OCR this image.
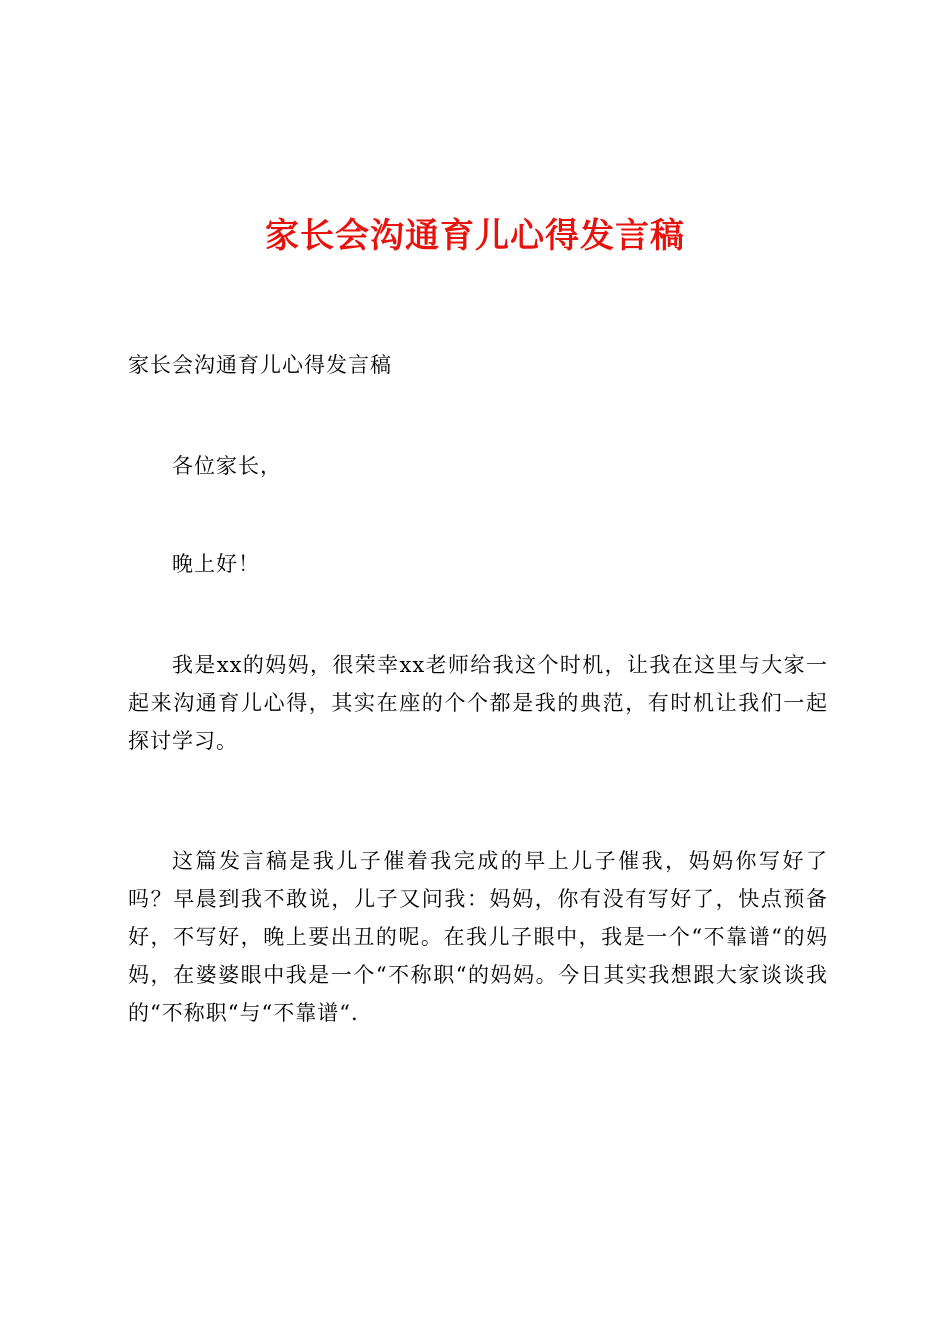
家长会沟通育儿心得发言稿

家长会沟通育儿心得发言稿

各位家长，

晚上好！

我是xx的妈妈，很荣幸xx老师给我这个时机，让我在这里与大家一起来沟通育儿心得，其实在座的个个都是我的典范，有时机让我们一起探讨学习。

这篇发言稿是我儿子催着我完成的早上儿子催我，妈妈你写好了吗？早晨到我不敢说，儿子又问我：妈妈，你有没有写好了，快点预备好，不写好，晚上要出丑的呢。在我儿子眼中，我是一个“不靠谱“的妈妈，在婆婆眼中我是一个“不称职“的妈妈。今日其实我想跟大家谈谈我的“不称职“与“不靠谱“.
